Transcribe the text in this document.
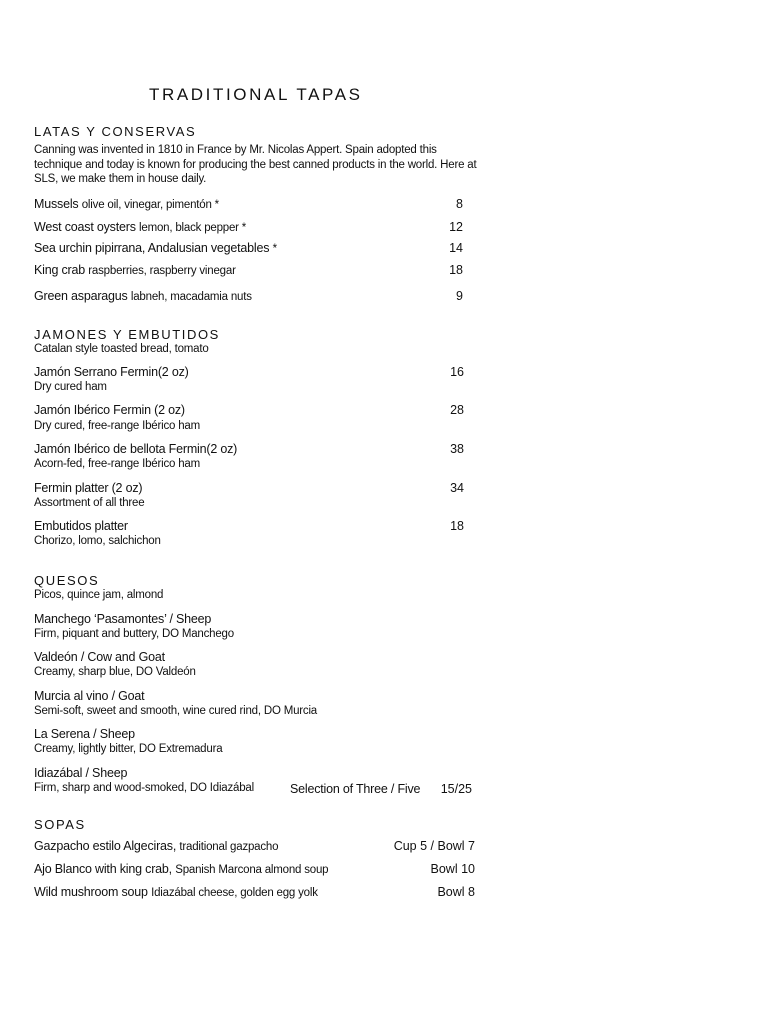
TRADITIONAL TAPAS
LATAS Y CONSERVAS
Canning was invented in 1810 in France by Mr. Nicolas Appert. Spain adopted this technique and today is known for producing the best canned products in the world. Here at SLS, we make them in house daily.
Mussels olive oil, vinegar, pimentón *	8
West coast oysters lemon, black pepper *	12
Sea urchin pipirrana, Andalusian vegetables *	14
King crab raspberries, raspberry vinegar	18
Green asparagus labneh, macadamia nuts	9
JAMONES Y EMBUTIDOS
Catalan style toasted bread, tomato
Jamón Serrano Fermin(2 oz)	16
Dry cured ham
Jamón Ibérico Fermin (2 oz)	28
Dry cured, free-range Ibérico ham
Jamón Ibérico de bellota Fermin(2 oz)	38
Acorn-fed, free-range Ibérico ham
Fermin platter (2 oz)	34
Assortment of all three
Embutidos platter	18
Chorizo, lomo, salchichon
QUESOS
Picos, quince jam, almond
Manchego ‘Pasamontes’ / Sheep
Firm, piquant and buttery, DO Manchego
Valdeón / Cow and Goat
Creamy, sharp blue, DO Valdeón
Murcia al vino / Goat
Semi-soft, sweet and smooth, wine cured rind, DO Murcia
La Serena / Sheep
Creamy, lightly bitter, DO Extremadura
Idiazábal / Sheep
Firm, sharp and wood-smoked, DO Idiazábal	Selection of Three / Five 15/25
SOPAS
Gazpacho estilo Algeciras, traditional gazpacho	Cup 5 / Bowl 7
Ajo Blanco with king crab, Spanish Marcona almond soup	Bowl 10
Wild mushroom soup Idiazábal cheese, golden egg yolk	Bowl 8
